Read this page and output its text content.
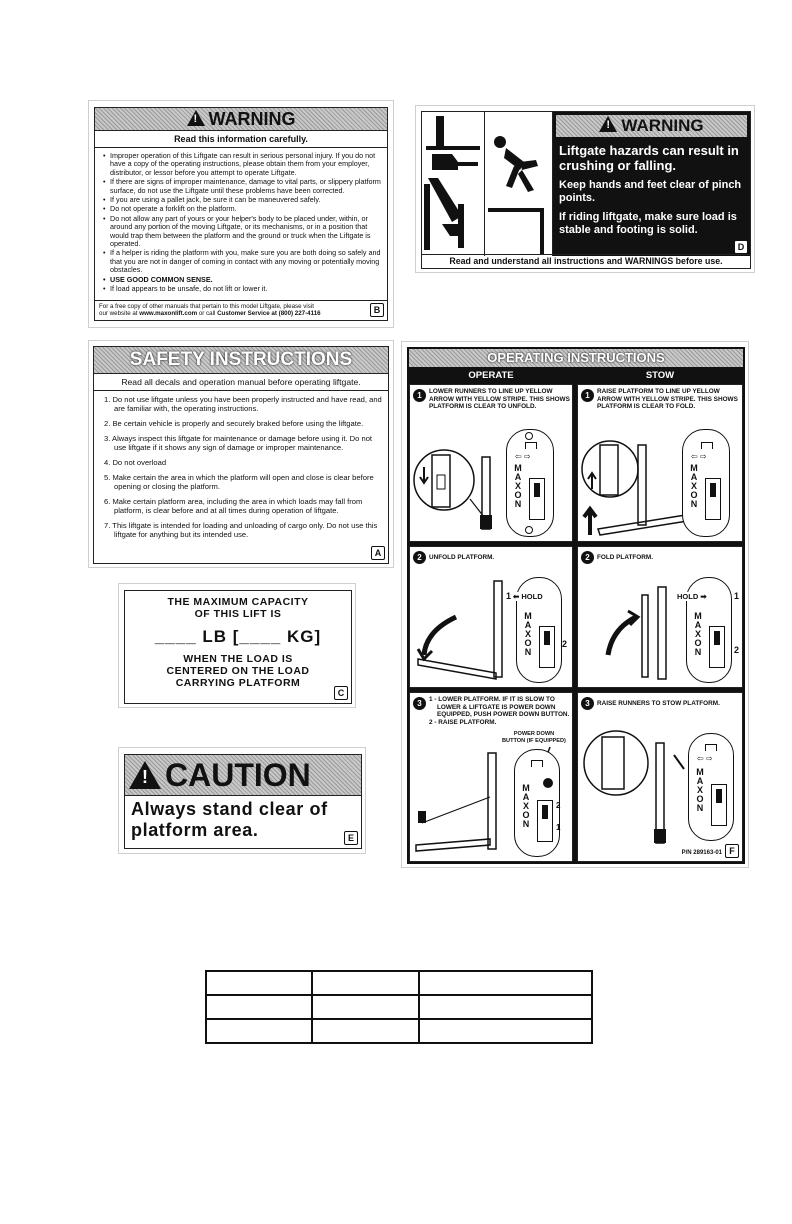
!WARNING
Read this information carefully.
• Improper operation of this Liftgate can result in serious personal injury. If you do not have a copy of the operating instructions, please obtain them from your employer, distributor, or lessor before you attempt to operate Liftgate.
• If there are signs of improper maintenance, damage to vital parts, or slippery platform surface, do not use the Liftgate until these problems have been corrected.
• If you are using a pallet jack, be sure it can be maneuvered safely.
• Do not operate a forklift on the platform.
• Do not allow any part of yours or your helper's body to be placed under, within, or around any portion of the moving Liftgate, or its mechanisms, or in a position that would trap them between the platform and the ground or truck when the Liftgate is operated.
• If a helper is riding the platform with you, make sure you are both doing so safely and that you are not in danger of coming in contact with any moving or potentially moving obstacles.
• USE GOOD COMMON SENSE.
• If load appears to be unsafe, do not lift or lower it.
For a free copy of other manuals that pertain to this model Liftgate, please visit
our website at www.maxonlift.com or call Customer Service at (800) 227-4116	B
!WARNING
Liftgate hazards can result in crushing or falling.
Keep hands and feet clear of pinch points.
If riding liftgate, make sure load is stable and footing is solid.
D
Read and understand all instructions and WARNINGS before use.
SAFETY INSTRUCTIONS
Read all decals and operation manual before operating liftgate.
1. Do not use liftgate unless you have been properly instructed and have read, and are familiar with, the operating instructions.
2. Be certain vehicle is properly and securely braked before using the liftgate.
3. Always inspect this liftgate for maintenance or damage before using it. Do not use liftgate if it shows any sign of damage or improper maintenance.
4. Do not overload
5. Make certain the area in which the platform will open and close is clear before opening or closing the platform.
6. Make certain platform area, including the area in which loads may fall from platform, is clear before and at all times during operation of liftgate.
7. This liftgate is intended for loading and unloading of cargo only. Do not use this liftgate for anything but its intended use.
A
THE MAXIMUM CAPACITY
OF THIS LIFT IS
____ LB [____ KG]
WHEN THE LOAD IS
CENTERED ON THE LOAD
CARRYING PLATFORM
C
! CAUTION
Always stand clear of
platform area.	E
OPERATING INSTRUCTIONS
OPERATE	STOW
1	LOWER RUNNERS TO LINE UP YELLOW ARROW WITH YELLOW STRIPE. THIS SHOWS PLATFORM IS CLEAR TO UNFOLD.
⇦ ⇨
M
A
X
O
N
1	RAISE PLATFORM TO LINE UP YELLOW ARROW WITH YELLOW STRIPE. THIS SHOWS PLATFORM IS CLEAR TO FOLD.
⇦ ⇨
M
A
X
O
N
2	UNFOLD PLATFORM.
1
2
⬅ HOLD
M
A
X
O
N
2	FOLD PLATFORM.
1
2
HOLD ➡
M
A
X
O
N
3	1 - LOWER PLATFORM. IF IT IS SLOW TO
LOWER & LIFTGATE IS POWER DOWN
EQUIPPED, PUSH POWER DOWN BUTTON.
2 - RAISE PLATFORM.
POWER DOWN
BUTTON (IF EQUIPPED)
M
A
X
O
N
2
1
3	RAISE RUNNERS TO STOW PLATFORM.
⇦ ⇨
M
A
X
O
N
P/N 289163-01 F
